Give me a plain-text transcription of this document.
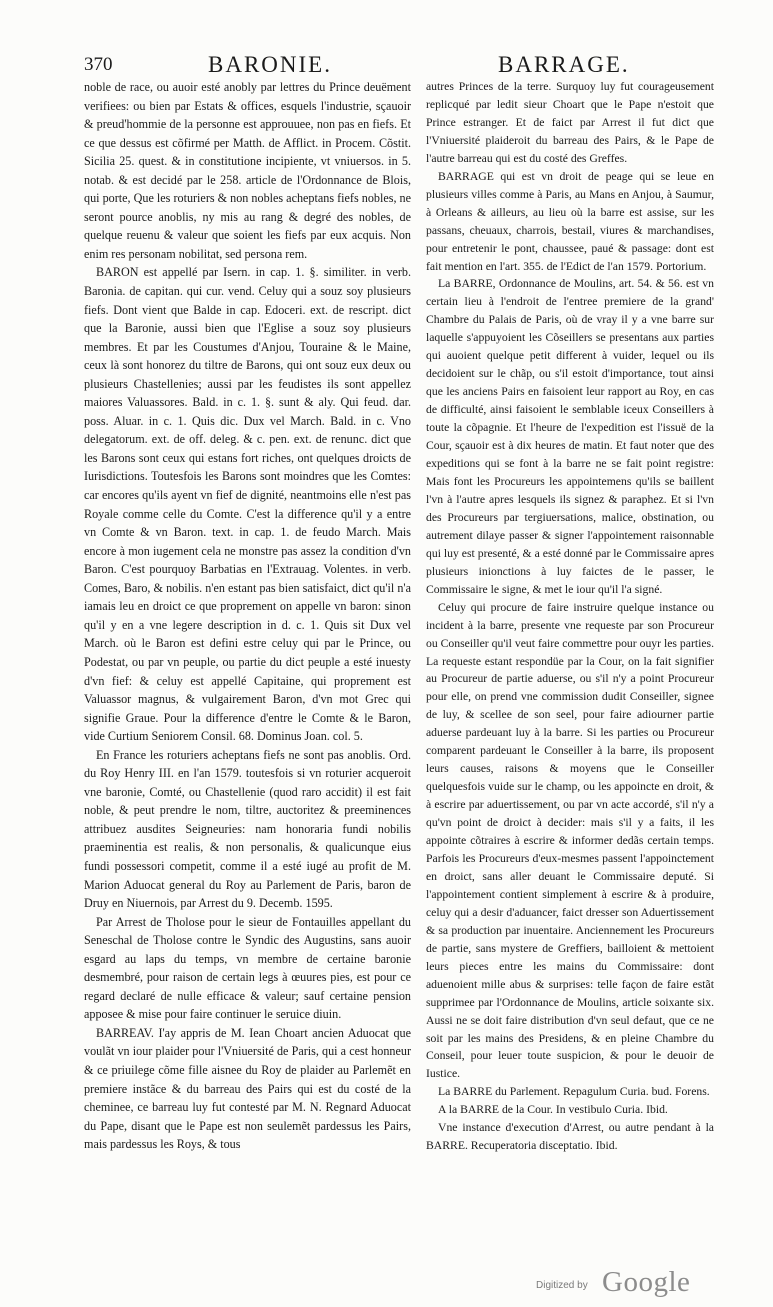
370	BARONIE.	BARRAGE.

noble de race, ou auoir esté anobly par lettres du Prince deuëment verifiees: ou bien par Estats & offices, esquels l'industrie, sçauoir & preud'hommie de la personne est approuuee, non pas en fiefs. Et ce que dessus est cõfirmé per Matth. de Afflict. in Procem. Cõstit. Sicilia 25. quest. & in constitutione incipiente, vt vniuersos. in 5. notab. & est decidé par le 258. article de l'Ordonnance de Blois, qui porte, Que les roturiers & non nobles acheptans fiefs nobles, ne seront pource anoblis, ny mis au rang & degré des nobles, de quelque reuenu & valeur que soient les fiefs par eux acquis. Non enim res personam nobilitat, sed persona rem.

BARON est appellé par Isern. in cap. 1. §. similiter. in verb. Baronia. de capitan. qui cur. vend. Celuy qui a souz soy plusieurs fiefs. Dont vient que Balde in cap. Edoceri. ext. de rescript. dict que la Baronie, aussi bien que l'Eglise a souz soy plusieurs membres. Et par les Coustumes d'Anjou, Touraine & le Maine, ceux là sont honorez du tiltre de Barons, qui ont souz eux deux ou plusieurs Chastellenies; aussi par les feudistes ils sont appellez maiores Valuassores. Bald. in c. 1. §. sunt & aly. Qui feud. dar. poss. Aluar. in c. 1. Quis dic. Dux vel March. Bald. in c. Vno delegatorum. ext. de off. deleg. & c. pen. ext. de renunc. dict que les Barons sont ceux qui estans fort riches, ont quelques droicts de Iurisdictions. Toutesfois les Barons sont moindres que les Comtes: car encores qu'ils ayent vn fief de dignité, neantmoins elle n'est pas Royale comme celle du Comte. C'est la difference qu'il y a entre vn Comte & vn Baron. text. in cap. 1. de feudo March. Mais encore à mon iugement cela ne monstre pas assez la condition d'vn Baron. C'est pourquoy Barbatias en l'Extrauag. Volentes. in verb. Comes, Baro, & nobilis. n'en estant pas bien satisfaict, dict qu'il n'a iamais leu en droict ce que proprement on appelle vn baron: sinon qu'il y en a vne legere description in d. c. 1. Quis sit Dux vel March. où le Baron est defini estre celuy qui par le Prince, ou Podestat, ou par vn peuple, ou partie du dict peuple a esté inuesty d'vn fief: & celuy est appellé Capitaine, qui proprement est Valuassor magnus, & vulgairement Baron, d'vn mot Grec qui signifie Graue. Pour la difference d'entre le Comte & le Baron, vide Curtium Seniorem Consil. 68. Dominus Joan. col. 5.

En France les roturiers acheptans fiefs ne sont pas anoblis. Ord. du Roy Henry III. en l'an 1579. toutesfois si vn roturier acqueroit vne baronie, Comté, ou Chastellenie (quod raro accidit) il est fait noble, & peut prendre le nom, tiltre, auctoritez & preeminences attribuez ausdites Seigneuries: nam honoraria fundi nobilis praeminentia est realis, & non personalis, & qualicunque eius fundi possessori competit, comme il a esté iugé au profit de M. Marion Aduocat general du Roy au Parlement de Paris, baron de Druy en Niuernois, par Arrest du 9. Decemb. 1595.

Par Arrest de Tholose pour le sieur de Fontauilles appellant du Seneschal de Tholose contre le Syndic des Augustins, sans auoir esgard au laps du temps, vn membre de certaine baronie desmembré, pour raison de certain legs à œuures pies, est pour ce regard declaré de nulle efficace & valeur; sauf certaine pension apposee & mise pour faire continuer le seruice diuin.

BARREAV. I'ay appris de M. Iean Choart ancien Aduocat que voulãt vn iour plaider pour l'Vniuersité de Paris, qui a cest honneur & ce priuilege cõme fille aisnee du Roy de plaider au Parlemẽt en premiere instãce & du barreau des Pairs qui est du costé de la cheminee, ce barreau luy fut contesté par M. N. Regnard Aduocat du Pape, disant que le Pape est non seulemẽt pardessus les Pairs, mais pardessus les Roys, & tous

autres Princes de la terre. Surquoy luy fut courageusement replicqué par ledit sieur Choart que le Pape n'estoit que Prince estranger. Et de faict par Arrest il fut dict que l'Vniuersité plaideroit du barreau des Pairs, & le Pape de l'autre barreau qui est du costé des Greffes.

BARRAGE qui est vn droit de peage qui se leue en plusieurs villes comme à Paris, au Mans en Anjou, à Saumur, à Orleans & ailleurs, au lieu où la barre est assise, sur les passans, cheuaux, charrois, bestail, viures & marchandises, pour entretenir le pont, chaussee, paué & passage: dont est fait mention en l'art. 355. de l'Edict de l'an 1579. Portorium.

La BARRE, Ordonnance de Moulins, art. 54. & 56. est vn certain lieu à l'endroit de l'entree premiere de la grand' Chambre du Palais de Paris, où de vray il y a vne barre sur laquelle s'appuyoient les Cõseillers se presentans aux parties qui auoient quelque petit different à vuider, lequel ou ils decidoient sur le chãp, ou s'il estoit d'importance, tout ainsi que les anciens Pairs en faisoient leur rapport au Roy, en cas de difficulté, ainsi faisoient le semblable iceux Conseillers à toute la cõpagnie. Et l'heure de l'expedition est l'issuë de la Cour, sçauoir est à dix heures de matin. Et faut noter que des expeditions qui se font à la barre ne se fait point registre: Mais font les Procureurs les appointemens qu'ils se baillent l'vn à l'autre apres lesquels ils signez & paraphez. Et si l'vn des Procureurs par tergiuersations, malice, obstination, ou autrement dilaye passer & signer l'appointement raisonnable qui luy est presenté, & a esté donné par le Commissaire apres plusieurs inionctions à luy faictes de le passer, le Commissaire le signe, & met le iour qu'il l'a signé.

Celuy qui procure de faire instruire quelque instance ou incident à la barre, presente vne requeste par son Procureur ou Conseiller qu'il veut faire commettre pour ouyr les parties. La requeste estant respondüe par la Cour, on la fait signifier au Procureur de partie aduerse, ou s'il n'y a point Procureur pour elle, on prend vne commission dudit Conseiller, signee de luy, & scellee de son seel, pour faire adiourner partie aduerse pardeuant luy à la barre. Si les parties ou Procureur comparent pardeuant le Conseiller à la barre, ils proposent leurs causes, raisons & moyens que le Conseiller quelquesfois vuide sur le champ, ou les appoincte en droit, & à escrire par aduertissement, ou par vn acte accordé, s'il n'y a qu'vn point de droict à decider: mais s'il y a faits, il les appointe cõtraires à escrire & informer dedãs certain temps. Parfois les Procureurs d'eux-mesmes passent l'appoinctement en droict, sans aller deuant le Commissaire deputé. Si l'appointement contient simplement à escrire & à produire, celuy qui a desir d'aduancer, faict dresser son Aduertissement & sa production par inuentaire. Anciennement les Procureurs de partie, sans mystere de Greffiers, bailloient & mettoient leurs pieces entre les mains du Commissaire: dont aduenoient mille abus & surprises: telle façon de faire estãt supprimee par l'Ordonnance de Moulins, article soixante six. Aussi ne se doit faire distribution d'vn seul defaut, que ce ne soit par les mains des Presidens, & en pleine Chambre du Conseil, pour leuer toute suspicion, & pour le deuoir de Iustice.

La BARRE du Parlement. Repagulum Curia. bud. Forens.

A la BARRE de la Cour. In vestibulo Curia. Ibid.

Vne instance d'execution d'Arrest, ou autre pendant à la BARRE. Recuperatoria disceptatio. Ibid.

Digitized by Google
